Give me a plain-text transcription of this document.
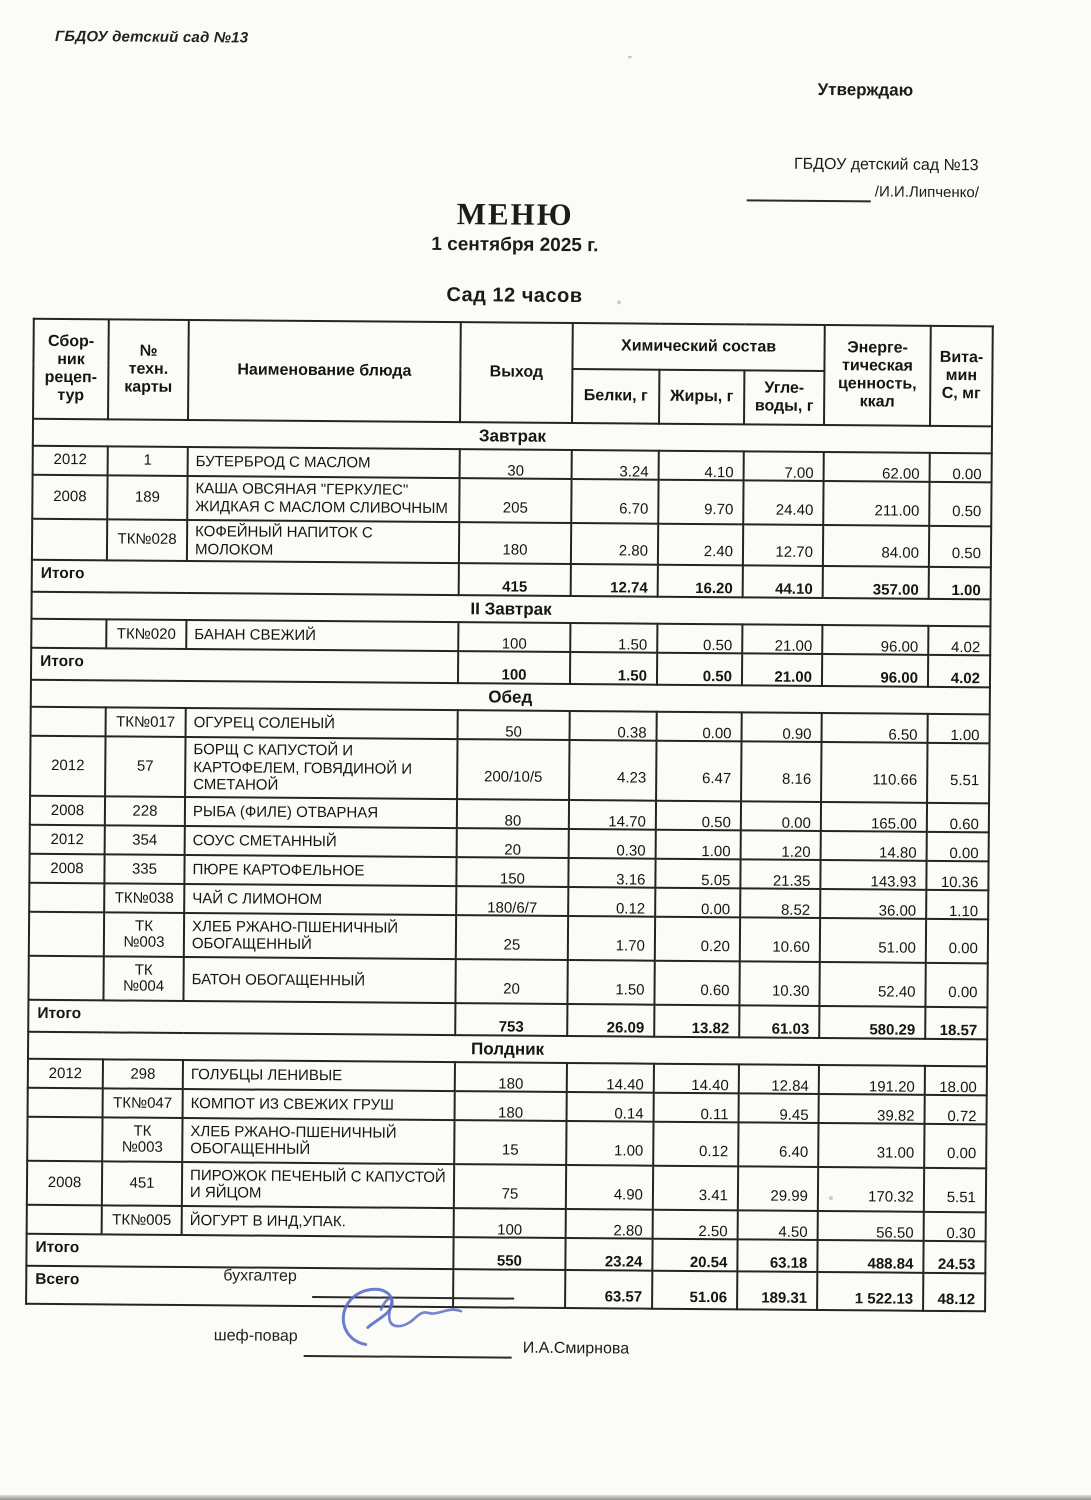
ГБДОУ детский сад №13
Утверждаю
ГБДОУ детский сад №13
/И.И.Липченко/
МЕНЮ
1 сентября 2025 г.
Сад 12 часов
″
Сбор-
ник
рецеп-
тур	№
техн.
карты	Наименование блюда	Выход	Химический состав			Энерге-
тическая
ценность,
ккал	Вита-
мин
С, мг
				Белки, г	Жиры, г	Угле-
воды, г		
Завтрак								
2012	1	БУТЕРБРОД С МАСЛОМ	30	3.24	4.10	7.00	62.00	0.00
2008	189	КАША ОВСЯНАЯ "ГЕРКУЛЕС"
ЖИДКАЯ С МАСЛОМ СЛИВОЧНЫМ	205	6.70	9.70	24.40	211.00	0.50
	ТК№028	КОФЕЙНЫЙ НАПИТОК С МОЛОКОМ	180	2.80	2.40	12.70	84.00	0.50
Итого			415	12.74	16.20	44.10	357.00	1.00
II Завтрак								
	ТК№020	БАНАН СВЕЖИЙ	100	1.50	0.50	21.00	96.00	4.02
Итого			100	1.50	0.50	21.00	96.00	4.02
Обед								
	ТК№017	ОГУРЕЦ СОЛЕНЫЙ	50	0.38	0.00	0.90	6.50	1.00
2012	57	БОРЩ С КАПУСТОЙ И
КАРТОФЕЛЕМ, ГОВЯДИНОЙ И
СМЕТАНОЙ	200/10/5	4.23	6.47	8.16	110.66	5.51
2008	228	РЫБА (ФИЛЕ) ОТВАРНАЯ	80	14.70	0.50	0.00	165.00	0.60
2012	354	СОУС СМЕТАННЫЙ	20	0.30	1.00	1.20	14.80	0.00
2008	335	ПЮРЕ КАРТОФЕЛЬНОЕ	150	3.16	5.05	21.35	143.93	10.36
	ТК№038	ЧАЙ С ЛИМОНОМ	180/6/7	0.12	0.00	8.52	36.00	1.10
	ТК
№003	ХЛЕБ РЖАНО-ПШЕНИЧНЫЙ
ОБОГАЩЕННЫЙ	25	1.70	0.20	10.60	51.00	0.00
	ТК
№004	БАТОН ОБОГАЩЕННЫЙ	20	1.50	0.60	10.30	52.40	0.00
Итого			753	26.09	13.82	61.03	580.29	18.57
Полдник								
2012	298	ГОЛУБЦЫ ЛЕНИВЫЕ	180	14.40	14.40	12.84	191.20	18.00
	ТК№047	КОМПОТ ИЗ СВЕЖИХ ГРУШ	180	0.14	0.11	9.45	39.82	0.72
	ТК
№003	ХЛЕБ РЖАНО-ПШЕНИЧНЫЙ
ОБОГАЩЕННЫЙ	15	1.00	0.12	6.40	31.00	0.00
2008	451	ПИРОЖОК ПЕЧЕНЫЙ С КАПУСТОЙ
И ЯЙЦОМ	75	4.90	3.41	29.99	170.32	5.51
	ТК№005	ЙОГУРТ В ИНД,УПАК.	100	2.80	2.50	4.50	56.50	0.30
Итого			550	23.24	20.54	63.18	488.84	24.53
Всего				63.57	51.06	189.31	1 522.13	48.12
бухгалтер
шеф-повар
И.А.Смирнова
